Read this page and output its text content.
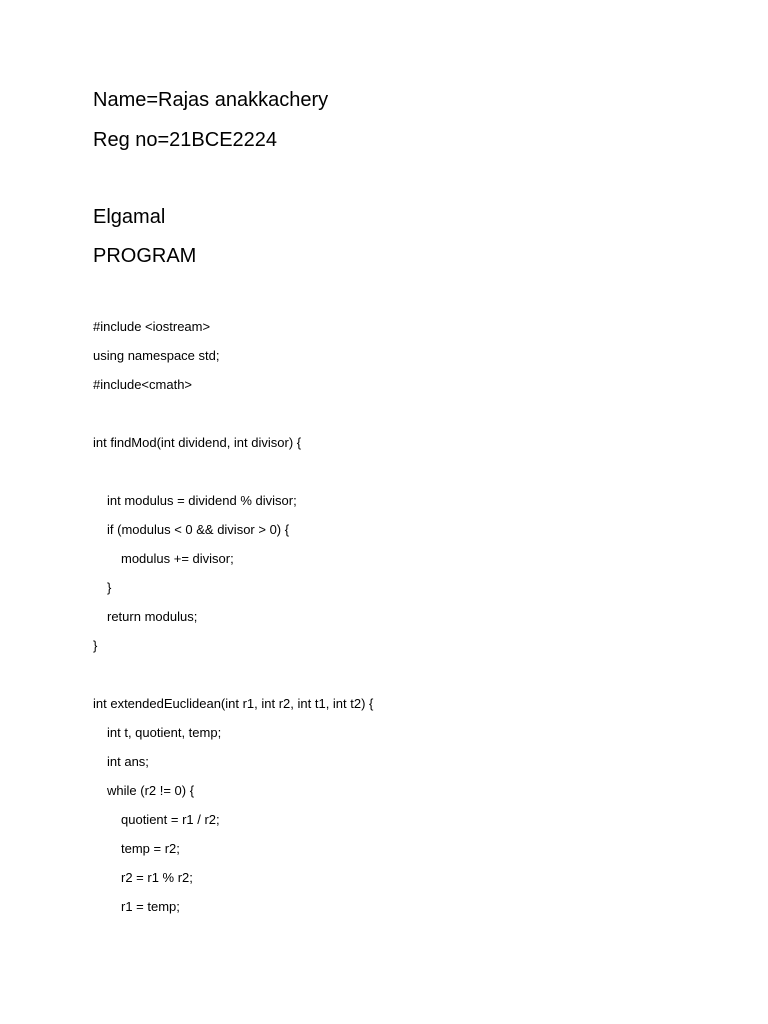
Name=Rajas anakkachery
Reg no=21BCE2224
Elgamal
PROGRAM
#include <iostream>
using namespace std;
#include<cmath>
int findMod(int dividend, int divisor) {
int modulus = dividend % divisor;
if (modulus < 0 && divisor > 0) {
modulus += divisor;
}
return modulus;
}
int extendedEuclidean(int r1, int r2, int t1, int t2) {
int t, quotient, temp;
int ans;
while (r2 != 0) {
quotient = r1 / r2;
temp = r2;
r2 = r1 % r2;
r1 = temp;
